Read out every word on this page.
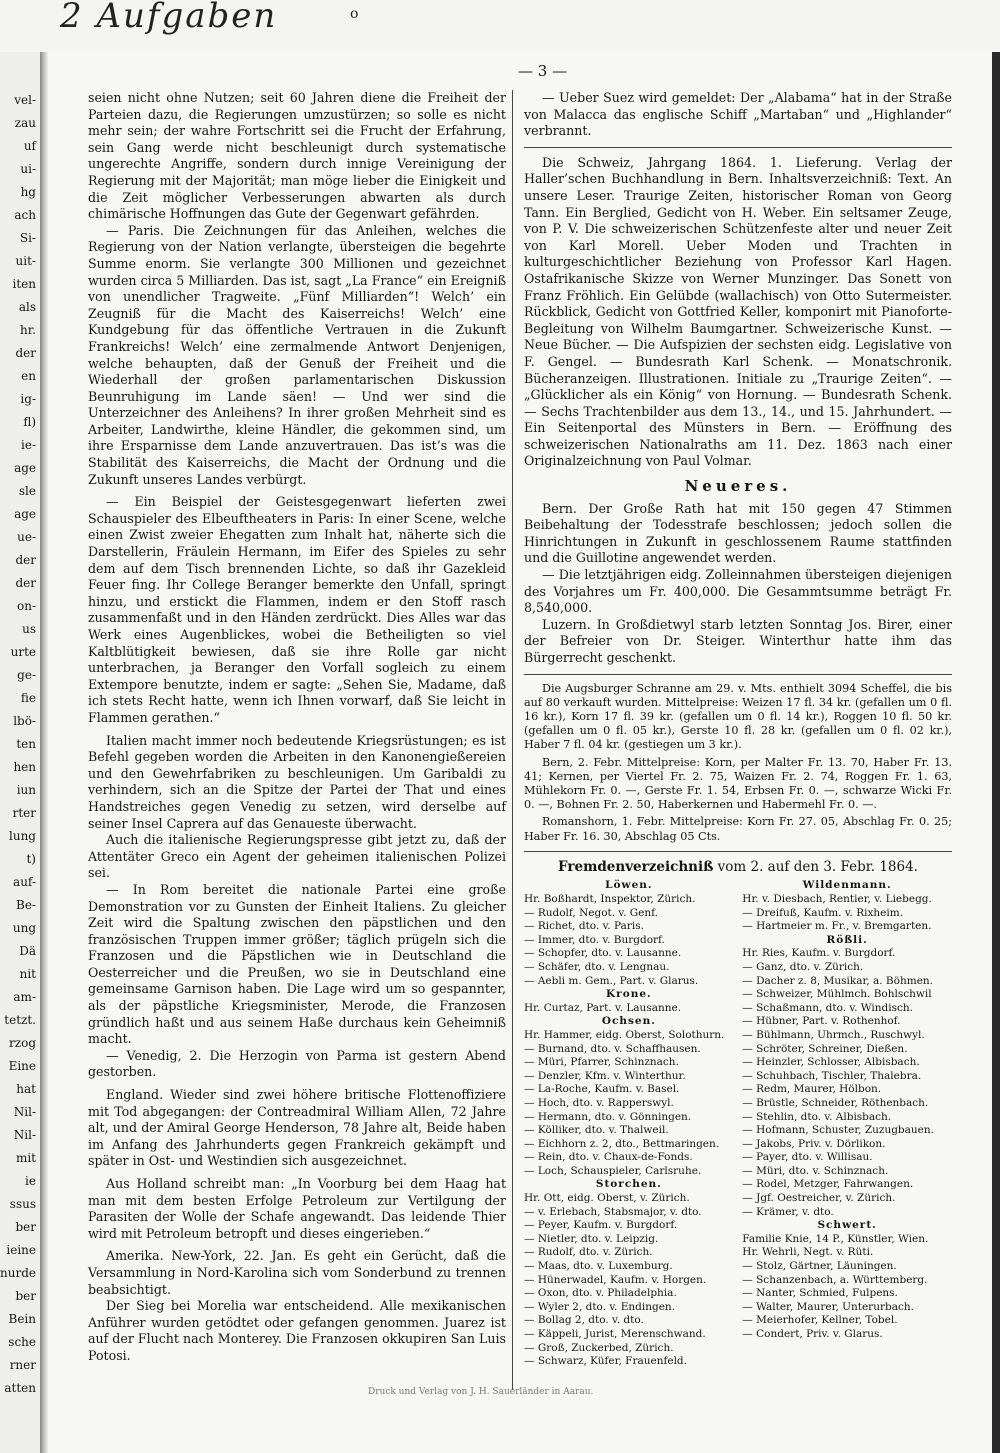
2 Aufgaben	o
vel-
zau
uf
ui-
hg
ach
Si-
uit-
iten
als
hr.
der
en
ig-
fl)
ie-
age
sle
age
ue-
der
der
on-
us
urte
ge-
fie
lbö-
ten
hen
iun
rter
lung
t)
auf-
Be-
ung
Dä
nit
am-
tetzt.
rzog
Eine
hat
Nil-
Nil-
mit
ie
ssus
ber
ieine
nurde
ber
Bein
sche
rner
atten
— 3 —

seien nicht ohne Nutzen; seit 60 Jahren diene die Freiheit der Parteien dazu, die Regierungen umzustürzen; so solle es nicht mehr sein; der wahre Fortschritt sei die Frucht der Erfahrung, sein Gang werde nicht beschleunigt durch systematische ungerechte Angriffe, sondern durch innige Vereinigung der Regierung mit der Majorität; man möge lieber die Einigkeit und die Zeit möglicher Verbesserungen abwarten als durch chimärische Hoffnungen das Gute der Gegenwart gefährden.

— Paris. Die Zeichnungen für das Anleihen, welches die Regierung von der Nation verlangte, übersteigen die begehrte Summe enorm. Sie verlangte 300 Millionen und gezeichnet wurden circa 5 Milliarden. Das ist, sagt „La France“ ein Ereigniß von unendlicher Tragweite. „Fünf Milliarden“! Welch’ ein Zeugniß für die Macht des Kaiserreichs! Welch’ eine Kundgebung für das öffentliche Vertrauen in die Zukunft Frankreichs! Welch’ eine zermalmende Antwort Denjenigen, welche behaupten, daß der Genuß der Freiheit und die Wiederhall der großen parlamentarischen Diskussion Beunruhigung im Lande säen! — Und wer sind die Unterzeichner des Anleihens? In ihrer großen Mehrheit sind es Arbeiter, Landwirthe, kleine Händler, die gekommen sind, um ihre Ersparnisse dem Lande anzuvertrauen. Das ist’s was die Stabilität des Kaiserreichs, die Macht der Ordnung und die Zukunft unseres Landes verbürgt.

— Ein Beispiel der Geistesgegenwart lieferten zwei Schauspieler des Elbeuftheaters in Paris: In einer Scene, welche einen Zwist zweier Ehegatten zum Inhalt hat, näherte sich die Darstellerin, Fräulein Hermann, im Eifer des Spieles zu sehr dem auf dem Tisch brennenden Lichte, so daß ihr Gazekleid Feuer fing. Ihr College Beranger bemerkte den Unfall, springt hinzu, und erstickt die Flammen, indem er den Stoff rasch zusammenfaßt und in den Händen zerdrückt. Dies Alles war das Werk eines Augenblickes, wobei die Betheiligten so viel Kaltblütigkeit bewiesen, daß sie ihre Rolle gar nicht unterbrachen, ja Beranger den Vorfall sogleich zu einem Extempore benutzte, indem er sagte: „Sehen Sie, Madame, daß ich stets Recht hatte, wenn ich Ihnen vorwarf, daß Sie leicht in Flammen gerathen.“

Italien macht immer noch bedeutende Kriegsrüstungen; es ist Befehl gegeben worden die Arbeiten in den Kanonengießereien und den Gewehrfabriken zu beschleunigen. Um Garibaldi zu verhindern, sich an die Spitze der Partei der That und eines Handstreiches gegen Venedig zu setzen, wird derselbe auf seiner Insel Caprera auf das Genaueste überwacht.

Auch die italienische Regierungspresse gibt jetzt zu, daß der Attentäter Greco ein Agent der geheimen italienischen Polizei sei.

— In Rom bereitet die nationale Partei eine große Demonstration vor zu Gunsten der Einheit Italiens. Zu gleicher Zeit wird die Spaltung zwischen den päpstlichen und den französischen Truppen immer größer; täglich prügeln sich die Franzosen und die Päpstlichen wie in Deutschland die Oesterreicher und die Preußen, wo sie in Deutschland eine gemeinsame Garnison haben. Die Lage wird um so gespannter, als der päpstliche Kriegsminister, Merode, die Franzosen gründlich haßt und aus seinem Haße durchaus kein Geheimniß macht.

— Venedig, 2. Die Herzogin von Parma ist gestern Abend gestorben.

England. Wieder sind zwei höhere britische Flottenoffiziere mit Tod abgegangen: der Contreadmiral William Allen, 72 Jahre alt, und der Amiral George Henderson, 78 Jahre alt, Beide haben im Anfang des Jahrhunderts gegen Frankreich gekämpft und später in Ost- und Westindien sich ausgezeichnet.

Aus Holland schreibt man: „In Voorburg bei dem Haag hat man mit dem besten Erfolge Petroleum zur Vertilgung der Parasiten der Wolle der Schafe angewandt. Das leidende Thier wird mit Petroleum betropft und dieses eingerieben.“

Amerika. New-York, 22. Jan. Es geht ein Gerücht, daß die Versammlung in Nord-Karolina sich vom Sonderbund zu trennen beabsichtigt.

Der Sieg bei Morelia war entscheidend. Alle mexikanischen Anführer wurden getödtet oder gefangen genommen. Juarez ist auf der Flucht nach Monterey. Die Franzosen okkupiren San Luis Potosi.

— Ueber Suez wird gemeldet: Der „Alabama“ hat in der Straße von Malacca das englische Schiff „Martaban“ und „Highlander“ verbrannt.

Die Schweiz, Jahrgang 1864. 1. Lieferung. Verlag der Haller’schen Buchhandlung in Bern. Inhaltsverzeichniß: Text. An unsere Leser. Traurige Zeiten, historischer Roman von Georg Tann. Ein Berglied, Gedicht von H. Weber. Ein seltsamer Zeuge, von P. V. Die schweizerischen Schützenfeste alter und neuer Zeit von Karl Morell. Ueber Moden und Trachten in kulturgeschichtlicher Beziehung von Professor Karl Hagen. Ostafrikanische Skizze von Werner Munzinger. Das Sonett von Franz Fröhlich. Ein Gelübde (wallachisch) von Otto Sutermeister. Rückblick, Gedicht von Gottfried Keller, komponirt mit Pianoforte-Begleitung von Wilhelm Baumgartner. Schweizerische Kunst. — Neue Bücher. — Die Aufspizien der sechsten eidg. Legislative von F. Gengel. — Bundesrath Karl Schenk. — Monatschronik. Bücheranzeigen. Illustrationen. Initiale zu „Traurige Zeiten“. — „Glücklicher als ein König“ von Hornung. — Bundesrath Schenk. — Sechs Trachtenbilder aus dem 13., 14., und 15. Jahrhundert. — Ein Seitenportal des Münsters in Bern. — Eröffnung des schweizerischen Nationalraths am 11. Dez. 1863 nach einer Originalzeichnung von Paul Volmar.

Neueres.

Bern. Der Große Rath hat mit 150 gegen 47 Stimmen Beibehaltung der Todesstrafe beschlossen; jedoch sollen die Hinrichtungen in Zukunft in geschlossenem Raume stattfinden und die Guillotine angewendet werden.

— Die letztjährigen eidg. Zolleinnahmen übersteigen diejenigen des Vorjahres um Fr. 400,000. Die Gesammtsumme beträgt Fr. 8,540,000.

Luzern. In Großdietwyl starb letzten Sonntag Jos. Birer, einer der Befreier von Dr. Steiger. Winterthur hatte ihm das Bürgerrecht geschenkt.

Die Augsburger Schranne am 29. v. Mts. enthielt 3094 Scheffel, die bis auf 80 verkauft wurden. Mittelpreise: Weizen 17 fl. 34 kr. (gefallen um 0 fl. 16 kr.), Korn 17 fl. 39 kr. (gefallen um 0 fl. 14 kr.), Roggen 10 fl. 50 kr. (gefallen um 0 fl. 05 kr.), Gerste 10 fl. 28 kr. (gefallen um 0 fl. 02 kr.), Haber 7 fl. 04 kr. (gestiegen um 3 kr.).

Bern, 2. Febr. Mittelpreise: Korn, per Malter Fr. 13. 70, Haber Fr. 13. 41; Kernen, per Viertel Fr. 2. 75, Waizen Fr. 2. 74, Roggen Fr. 1. 63, Mühlekorn Fr. 0. —, Gerste Fr. 1. 54, Erbsen Fr. 0. —, schwarze Wicki Fr. 0. —, Bohnen Fr. 2. 50, Haberkernen und Habermehl Fr. 0. —.

Romanshorn, 1. Febr. Mittelpreise: Korn Fr. 27. 05, Abschlag Fr. 0. 25; Haber Fr. 16. 30, Abschlag 05 Cts.

Fremdenverzeichniß vom 2. auf den 3. Febr. 1864.
Löwen.
Hr. Boßhardt, Inspektor, Zürich.
— Rudolf, Negot. v. Genf.
— Richet, dto. v. Paris.
— Immer, dto. v. Burgdorf.
— Schopfer, dto. v. Lausanne.
— Schäfer, dto. v. Lengnau.
— Aebli m. Gem., Part. v. Glarus.
Krone.
Hr. Curtaz, Part. v. Lausanne.
Ochsen.
Hr. Hammer, eidg. Oberst, Solothurn.
— Burnand, dto. v. Schaffhausen.
— Müri, Pfarrer, Schinznach.
— Denzler, Kfm. v. Winterthur.
— La-Roche, Kaufm. v. Basel.
— Hoch, dto. v. Rapperswyl.
— Hermann, dto. v. Gönningen.
— Kölliker, dto. v. Thalweil.
— Eichhorn z. 2, dto., Bettmaringen.
— Rein, dto. v. Chaux-de-Fonds.
— Loch, Schauspieler, Carlsruhe.
Storchen.
Hr. Ott, eidg. Oberst, v. Zürich.
— v. Erlebach, Stabsmajor, v. dto.
— Peyer, Kaufm. v. Burgdorf.
— Nietler, dto. v. Leipzig.
— Rudolf, dto. v. Zürich.
— Maas, dto. v. Luxemburg.
— Hünerwadel, Kaufm. v. Horgen.
— Oxon, dto. v. Philadelphia.
— Wyler 2, dto. v. Endingen.
— Bollag 2, dto. v. dto.
— Käppeli, Jurist, Merenschwand.
— Groß, Zuckerbed, Zürich.
— Schwarz, Küfer, Frauenfeld.
Wildenmann.
Hr. v. Diesbach, Rentier, v. Liebegg.
— Dreifuß, Kaufm. v. Rixheim.
— Hartmeier m. Fr., v. Bremgarten.
Rößli.
Hr. Ries, Kaufm. v. Burgdorf.
— Ganz, dto. v. Zürich.
— Dacher z. 8, Musikar, a. Böhmen.
— Schweizer, Mühlmch. Bohlschwil
— Schaßmann, dto. v. Windisch.
— Hübner, Part. v. Rothenhof.
— Bühlmann, Uhrmch., Ruschwyl.
— Schröter, Schreiner, Dießen.
— Heinzler, Schlosser, Albisbach.
— Schuhbach, Tischler, Thalebra.
— Redm, Maurer, Hölbon.
— Brüstle, Schneider, Röthenbach.
— Stehlin, dto. v. Albisbach.
— Hofmann, Schuster, Zuzugbauen.
— Jakobs, Priv. v. Dörlikon.
— Payer, dto. v. Willisau.
— Müri, dto. v. Schinznach.
— Rodel, Metzger, Fahrwangen.
— Jgf. Oestreicher, v. Zürich.
— Krämer, v. dto.
Schwert.
Familie Knie, 14 P., Künstler, Wien.
Hr. Wehrli, Negt. v. Rüti.
— Stolz, Gärtner, Läuningen.
— Schanzenbach, a. Württemberg.
— Nanter, Schmied, Fulpens.
— Walter, Maurer, Unterurbach.
— Meierhofer, Kellner, Tobel.
— Condert, Priv. v. Glarus.
Druck und Verlag von J. H. Sauerländer in Aarau.
